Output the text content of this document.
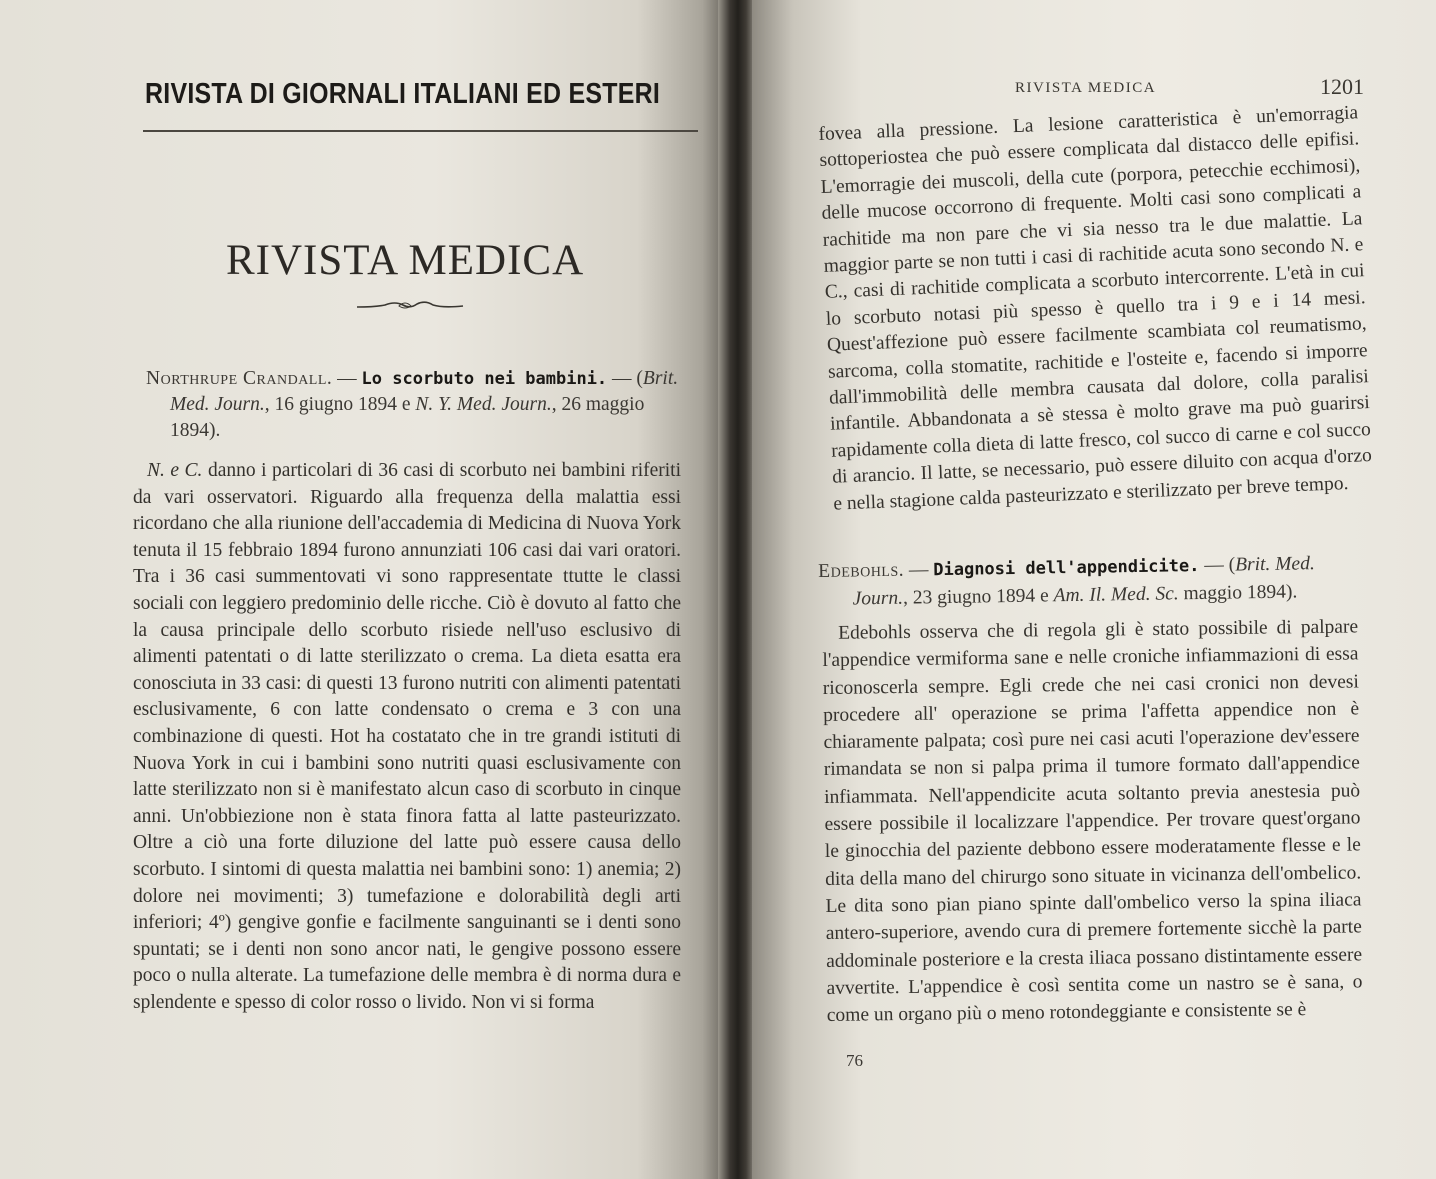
RIVISTA DI GIORNALI ITALIANI ED ESTERI
RIVISTA MEDICA

Northrupe Crandall. — Lo scorbuto nei bambini. — (Brit. Med. Journ., 16 giugno 1894 e N. Y. Med. Journ., 26 maggio 1894).

N. e C. danno i particolari di 36 casi di scorbuto nei bambini riferiti da vari osservatori. Riguardo alla frequenza della malattia essi ricordano che alla riunione dell'accademia di Medicina di Nuova York tenuta il 15 febbraio 1894 furono annunziati 106 casi dai vari oratori. Tra i 36 casi summentovati vi sono rappresentate ttutte le classi sociali con leggiero predominio delle ricche. Ciò è dovuto al fatto che la causa principale dello scorbuto risiede nell'uso esclusivo di alimenti patentati o di latte sterilizzato o crema. La dieta esatta era conosciuta in 33 casi: di questi 13 furono nutriti con alimenti patentati esclusivamente, 6 con latte condensato o crema e 3 con una combinazione di questi. Hot ha costatato che in tre grandi istituti di Nuova York in cui i bambini sono nutriti quasi esclusivamente con latte sterilizzato non si è manifestato alcun caso di scorbuto in cinque anni. Un'obbiezione non è stata finora fatta al latte pasteurizzato. Oltre a ciò una forte diluzione del latte può essere causa dello scorbuto. I sintomi di questa malattia nei bambini sono: 1) anemia; 2) dolore nei movimenti; 3) tumefazione e dolorabilità degli arti inferiori; 4º) gengive gonfie e facilmente sanguinanti se i denti sono spuntati; se i denti non sono ancor nati, le gengive possono essere poco o nulla alterate. La tumefazione delle membra è di norma dura e splendente e spesso di color rosso o livido. Non vi si forma

RIVISTA MEDICA	1201

fovea alla pressione. La lesione caratteristica è un'emorragia sottoperiostea che può essere complicata dal distacco delle epifisi. L'emorragie dei muscoli, della cute (porpora, petecchie ecchimosi), delle mucose occorrono di frequente. Molti casi sono complicati a rachitide ma non pare che vi sia nesso tra le due malattie. La maggior parte se non tutti i casi di rachitide acuta sono secondo N. e C., casi di rachitide complicata a scorbuto intercorrente. L'età in cui lo scorbuto notasi più spesso è quello tra i 9 e i 14 mesi. Quest'affezione può essere facilmente scambiata col reumatismo, sarcoma, colla stomatite, rachitide e l'osteite e, facendo si imporre dall'immobilità delle membra causata dal dolore, colla paralisi infantile. Abbandonata a sè stessa è molto grave ma può guarirsi rapidamente colla dieta di latte fresco, col succo di carne e col succo di arancio. Il latte, se necessario, può essere diluito con acqua d'orzo e nella stagione calda pasteurizzato e sterilizzato per breve tempo.

Edebohls. — Diagnosi dell'appendicite. — (Brit. Med. Journ., 23 giugno 1894 e Am. Il. Med. Sc. maggio 1894).

Edebohls osserva che di regola gli è stato possibile di palpare l'appendice vermiforma sane e nelle croniche infiammazioni di essa riconoscerla sempre. Egli crede che nei casi cronici non devesi procedere all' operazione se prima l'affetta appendice non è chiaramente palpata; così pure nei casi acuti l'operazione dev'essere rimandata se non si palpa prima il tumore formato dall'appendice infiammata. Nell'appendicite acuta soltanto previa anestesia può essere possibile il localizzare l'appendice. Per trovare quest'organo le ginocchia del paziente debbono essere moderatamente flesse e le dita della mano del chirurgo sono situate in vicinanza dell'ombelico. Le dita sono pian piano spinte dall'ombelico verso la spina iliaca antero-superiore, avendo cura di premere fortemente sicchè la parte addominale posteriore e la cresta iliaca possano distintamente essere avvertite. L'appendice è così sentita come un nastro se è sana, o come un organo più o meno rotondeggiante e consistente se è

76
